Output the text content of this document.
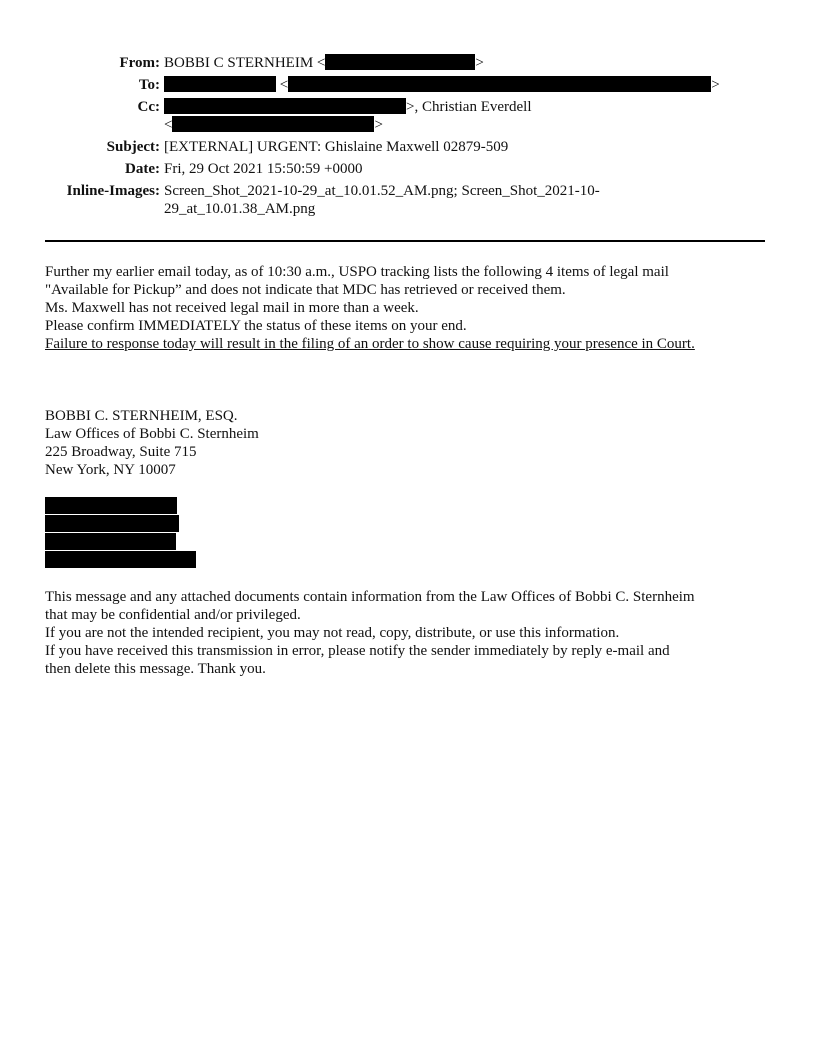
From: BOBBI C STERNHEIM <	>
To:	<	>
Cc:	>, Christian Everdell
<	>
Subject: [EXTERNAL] URGENT: Ghislaine Maxwell 02879-509
Date: Fri, 29 Oct 2021 15:50:59 +0000
Inline-Images: Screen_Shot_2021-10-29_at_10.01.52_AM.png; Screen_Shot_2021-10-
29_at_10.01.38_AM.png
Further my earlier email today, as of 10:30 a.m., USPO tracking lists the following 4 items of legal mail
"Available for Pickup” and does not indicate that MDC has retrieved or received them.
Ms. Maxwell has not received legal mail in more than a week.
Please confirm IMMEDIATELY the status of these items on your end.
Failure to response today will result in the filing of an order to show cause requiring your presence in Court.
BOBBI C. STERNHEIM, ESQ.
Law Offices of Bobbi C. Sternheim
225 Broadway, Suite 715
New York, NY 10007
This message and any attached documents contain information from the Law Offices of Bobbi C. Sternheim
that may be confidential and/or privileged.
If you are not the intended recipient, you may not read, copy, distribute, or use this information.
If you have received this transmission in error, please notify the sender immediately by reply e-mail and
then delete this message. Thank you.
